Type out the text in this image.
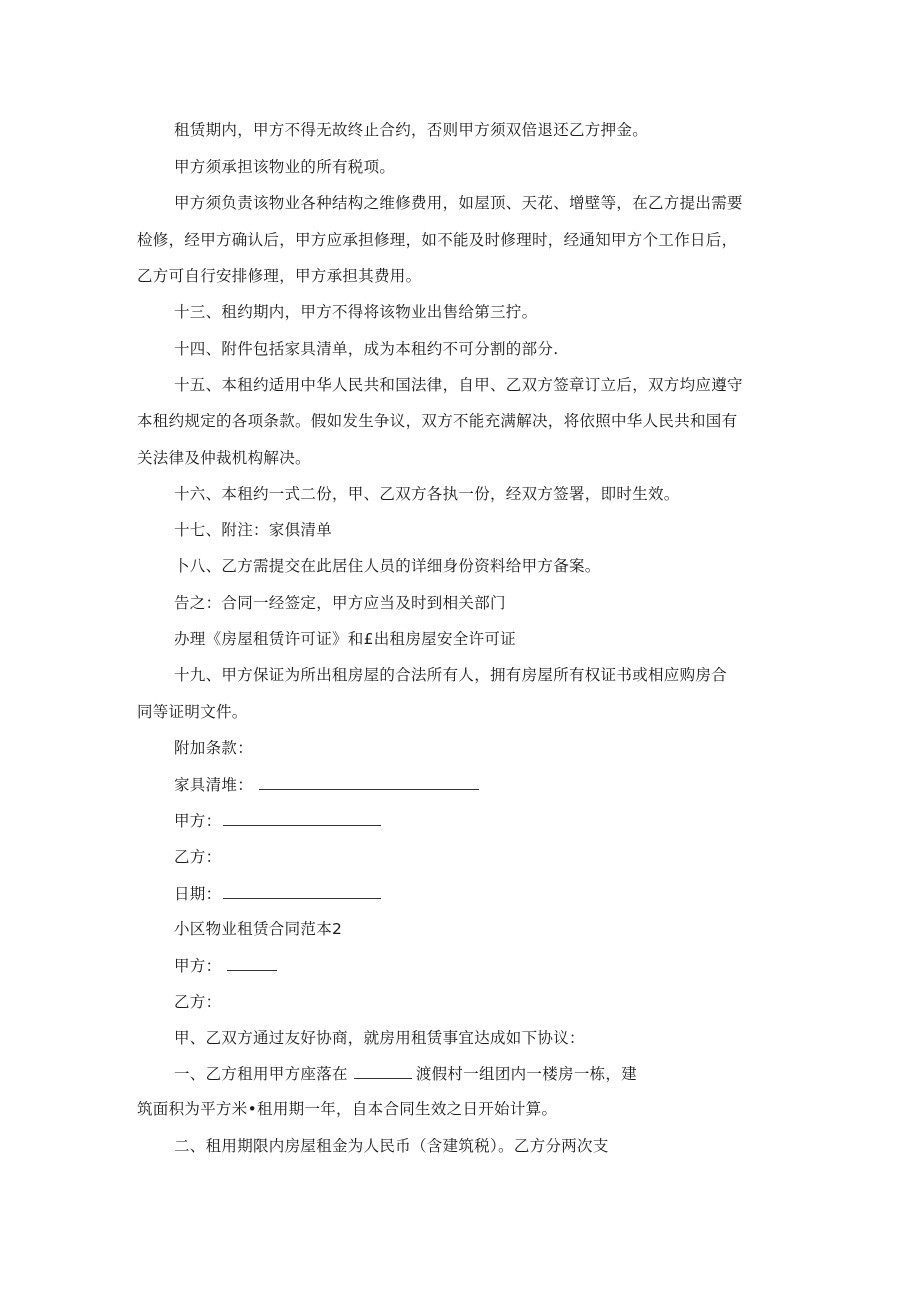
租赁期内，甲方不得无故终止合约，否则甲方须双倍退还乙方押金。
甲方须承担该物业的所有税项。
甲方须负责该物业各种结构之维修费用，如屋顶、天花、增壁等，在乙方提出需要
检修，经甲方确认后，甲方应承担修理，如不能及时修理时，经通知甲方个工作日后，
乙方可自行安排修理，甲方承担其费用。
十三、租约期内，甲方不得将该物业出售给第三拧。
十四、附件包括家具清单，成为本租约不可分割的部分.
十五、本租约适用中华人民共和国法律，自甲、乙双方签章订立后，双方均应遵守
本租约规定的各项条款。假如发生争议，双方不能充满解决，将依照中华人民共和国有
关法律及仲裁机构解决。
十六、本租约一式二份，甲、乙双方各执一份，经双方签署，即时生效。
十七、附注：家俱清单
卜八、乙方需提交在此居住人员的详细身份资料给甲方备案。
告之：合同一经签定，甲方应当及时到相关部门
办理《房屋租赁许可证》和£出租房屋安全许可证
十九、甲方保证为所出租房屋的合法所有人，拥有房屋所有权证书或相应购房合
同等证明文件。
附加条款：
家具清堆：
甲方：
乙方：
日期：
小区物业租赁合同范本2
甲方：
乙方：
甲、乙双方通过友好协商，就房用租赁事宜达成如下协议：
一、乙方租用甲方座落在	渡假村一组团内一楼房一栋，建
筑面积为平方米•租用期一年，自本合同生效之日开始计算。
二、租用期限内房屋租金为人民币（含建筑税）。乙方分两次支
